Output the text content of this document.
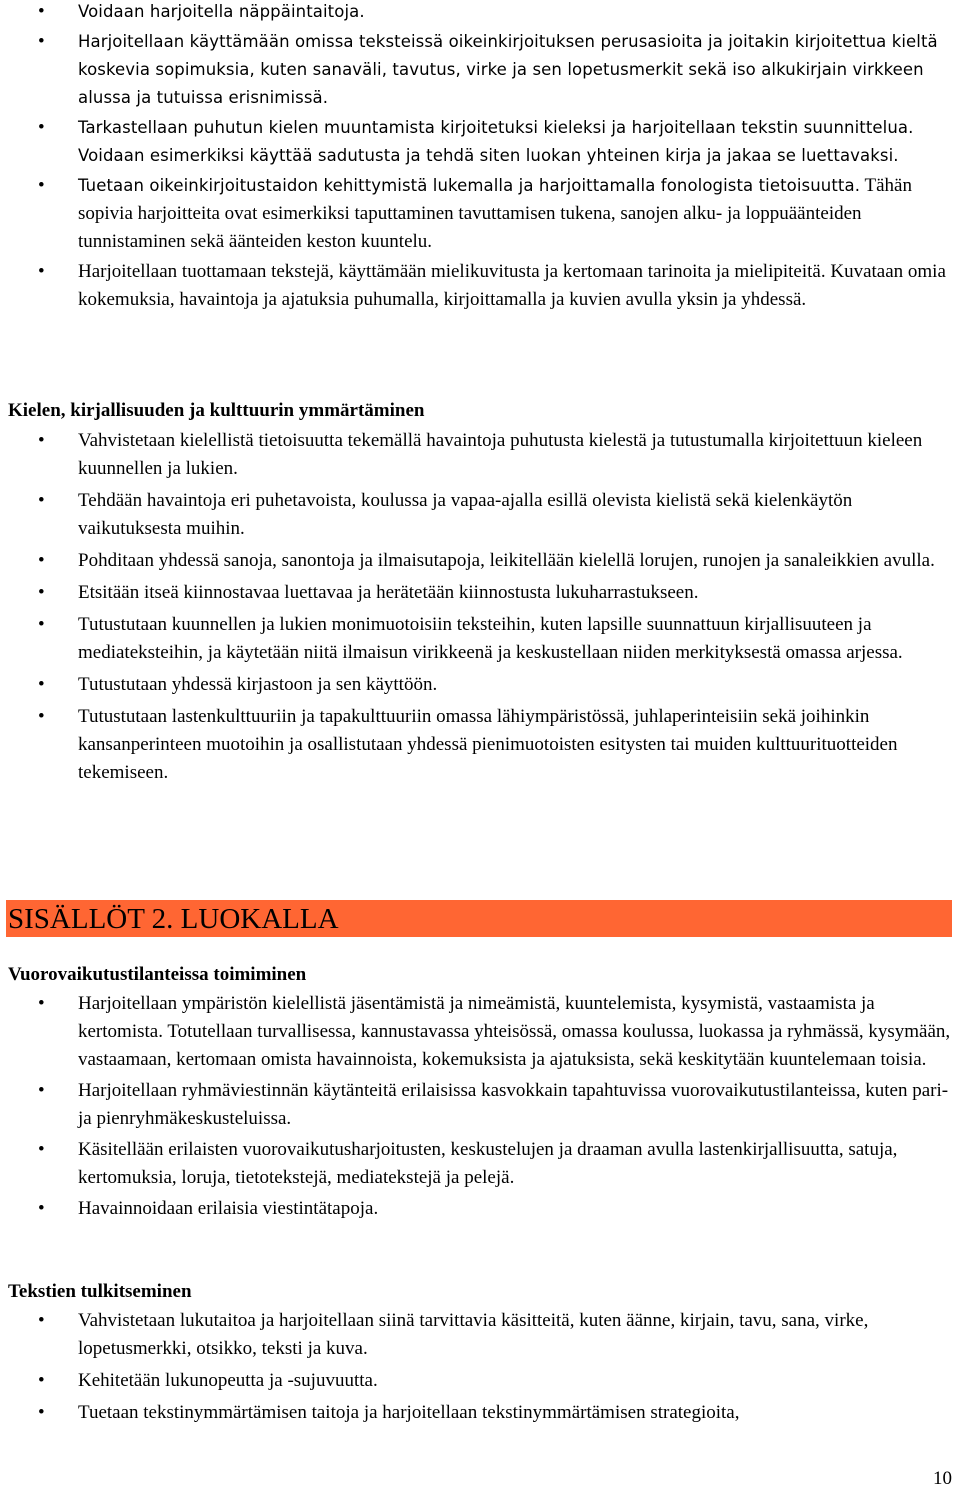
• Voidaan harjoitella näppäintaitoja.
• Harjoitellaan käyttämään omissa teksteissä oikeinkirjoituksen perusasioita ja joitakin kirjoitettua kieltä koskevia sopimuksia, kuten sanaväli, tavutus, virke ja sen lopetusmerkit sekä iso alkukirjain virkkeen alussa ja tutuissa erisnimissä.
• Tarkastellaan puhutun kielen muuntamista kirjoitetuksi kieleksi ja harjoitellaan tekstin suunnittelua. Voidaan esimerkiksi käyttää sadutusta ja tehdä siten luokan yhteinen kirja ja jakaa se luettavaksi.
• Tuetaan oikeinkirjoitustaidon kehittymistä lukemalla ja harjoittamalla fonologista tietoisuutta. Tähän sopivia harjoitteita ovat esimerkiksi taputtaminen tavuttamisen tukena, sanojen alku- ja loppuäänteiden tunnistaminen sekä äänteiden keston kuuntelu.
• Harjoitellaan tuottamaan tekstejä, käyttämään mielikuvitusta ja kertomaan tarinoita ja mielipiteitä. Kuvataan omia kokemuksia, havaintoja ja ajatuksia puhumalla, kirjoittamalla ja kuvien avulla yksin ja yhdessä.
Kielen, kirjallisuuden ja kulttuurin ymmärtäminen
• Vahvistetaan kielellistä tietoisuutta tekemällä havaintoja puhutusta kielestä ja tutustumalla kirjoitettuun kieleen kuunnellen ja lukien.
• Tehdään havaintoja eri puhetavoista, koulussa ja vapaa-ajalla esillä olevista kielistä sekä kielenkäytön vaikutuksesta muihin.
• Pohditaan yhdessä sanoja, sanontoja ja ilmaisutapoja, leikitellään kielellä lorujen, runojen ja sanaleikkien avulla.
• Etsitään itseä kiinnostavaa luettavaa ja herätetään kiinnostusta lukuharrastukseen.
• Tutustutaan kuunnellen ja lukien monimuotoisiin teksteihin, kuten lapsille suunnattuun kirjallisuuteen ja mediateksteihin, ja käytetään niitä ilmaisun virikkeenä ja keskustellaan niiden merkityksestä omassa arjessa.
• Tutustutaan yhdessä kirjastoon ja sen käyttöön.
• Tutustutaan lastenkulttuuriin ja tapakulttuuriin omassa lähiympäristössä, juhlaperinteisiin sekä joihinkin kansanperinteen muotoihin ja osallistutaan yhdessä pienimuotoisten esitysten tai muiden kulttuurituotteiden tekemiseen.
SISÄLLÖT 2. LUOKALLA
Vuorovaikutustilanteissa toimiminen
• Harjoitellaan ympäristön kielellistä jäsentämistä ja nimeämistä, kuuntelemista, kysymistä, vastaamista ja kertomista. Totutellaan turvallisessa, kannustavassa yhteisössä, omassa koulussa, luokassa ja ryhmässä, kysymään, vastaamaan, kertomaan omista havainnoista, kokemuksista ja ajatuksista, sekä keskitytään kuuntelemaan toisia.
• Harjoitellaan ryhmäviestinnän käytänteitä erilaisissa kasvokkain tapahtuvissa vuorovaikutustilanteissa, kuten pari- ja pienryhmäkeskusteluissa.
• Käsitellään erilaisten vuorovaikutusharjoitusten, keskustelujen ja draaman avulla lastenkirjallisuutta, satuja, kertomuksia, loruja, tietotekstejä, mediatekstejä ja pelejä.
• Havainnoidaan erilaisia viestintätapoja.
Tekstien tulkitseminen
• Vahvistetaan lukutaitoa ja harjoitellaan siinä tarvittavia käsitteitä, kuten äänne, kirjain, tavu, sana, virke, lopetusmerkki, otsikko, teksti ja kuva.
• Kehitetään lukunopeutta ja -sujuvuutta.
• Tuetaan tekstinymmärtämisen taitoja ja harjoitellaan tekstinymmärtämisen strategioita,
10
